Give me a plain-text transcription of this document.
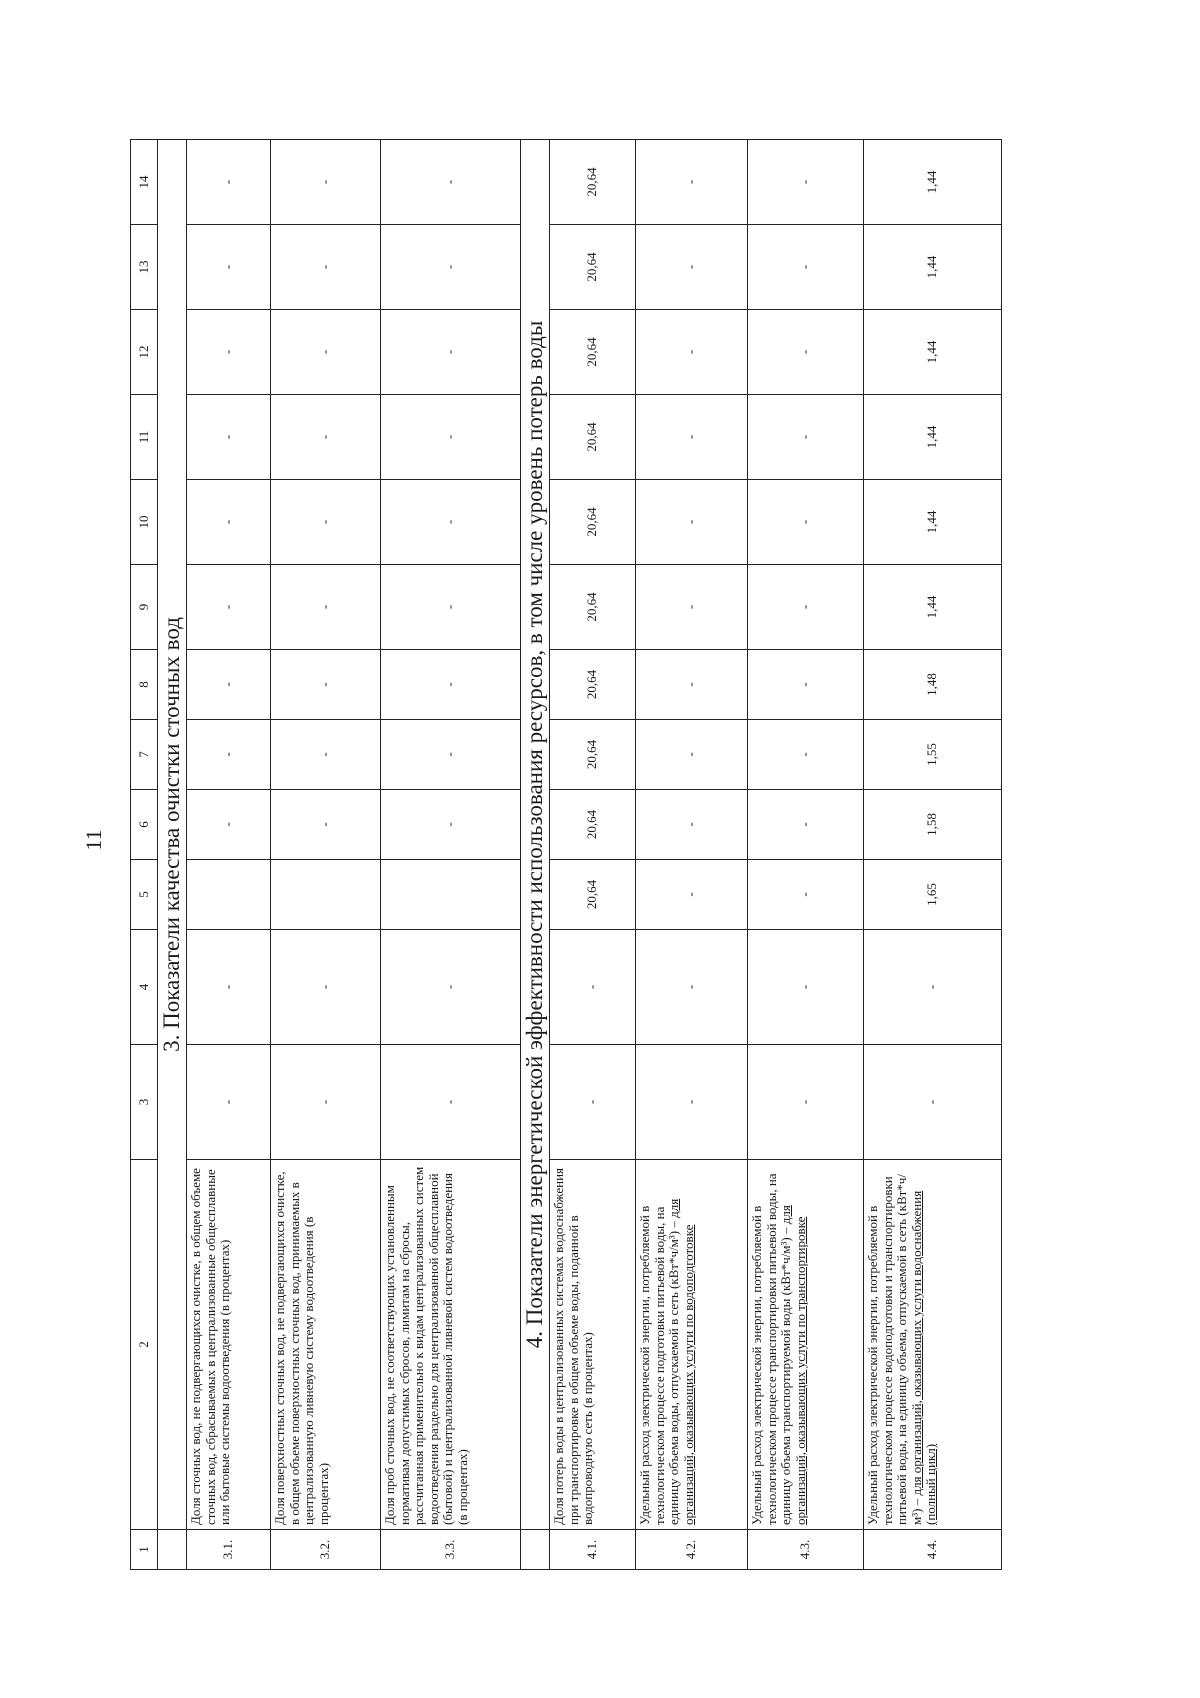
11
1	2	3	4	5	6	7	8	9	10	11	12	13	14
	3. Показатели качества очистки сточных вод												
3.1.	Доля сточных вод, не подвергающихся очистке, в общем объеме сточных вод, сбрасываемых в централизованные общесплавные или бытовые системы водоотведения (в процентах)	-	-		-	-	-	-	-	-	-	-	-
3.2.	Доля поверхностных сточных вод, не подвергающихся очистке, в общем объеме поверхностных сточных вод, принимаемых в централизованную ливневую систему водоотведения (в процентах)	-	-		-	-	-	-	-	-	-	-	-
3.3.	Доля проб сточных вод, не соответствующих установленным нормативам допустимых сбросов, лимитам на сбросы, рассчитанная применительно к видам централизованных систем водоотведения раздельно для централизованной общесплавной (бытовой) и централизованной ливневой систем водоотведения (в процентах)	-	-		-	-	-	-	-	-	-	-	-
	4. Показатели энергетической эффективности использования ресурсов, в том числе уровень потерь воды												
4.1.	Доля потерь воды в централизованных системах водоснабжения при транспортировке в общем объеме воды, поданной в водопроводную сеть (в процентах)	-	-	20,64	20,64	20,64	20,64	20,64	20,64	20,64	20,64	20,64	20,64
4.2.	Удельный расход электрической энергии, потребляемой в технологическом процессе подготовки питьевой воды, на единицу объема воды, отпускаемой в сеть (кВт*ч/м³) – для организаций, оказывающих услуги по водоподготовке	-	-	-	-	-	-	-	-	-	-	-	-
4.3.	Удельный расход электрической энергии, потребляемой в технологическом процессе транспортировки питьевой воды, на единицу объема транспортируемой воды (кВт*ч/м³) – для организаций, оказывающих услуги по транспортировке	-	-	-	-	-	-	-	-	-	-	-	-
4.4.	Удельный расход электрической энергии, потребляемой в технологическом процессе водоподготовки и транспортировки питьевой воды, на единицу объема, отпускаемой в сеть (кВт*ч/м³) – для организаций, оказывающих услуги водоснабжения (полный цикл)	-	-	1,65	1,58	1,55	1,48	1,44	1,44	1,44	1,44	1,44	1,44
